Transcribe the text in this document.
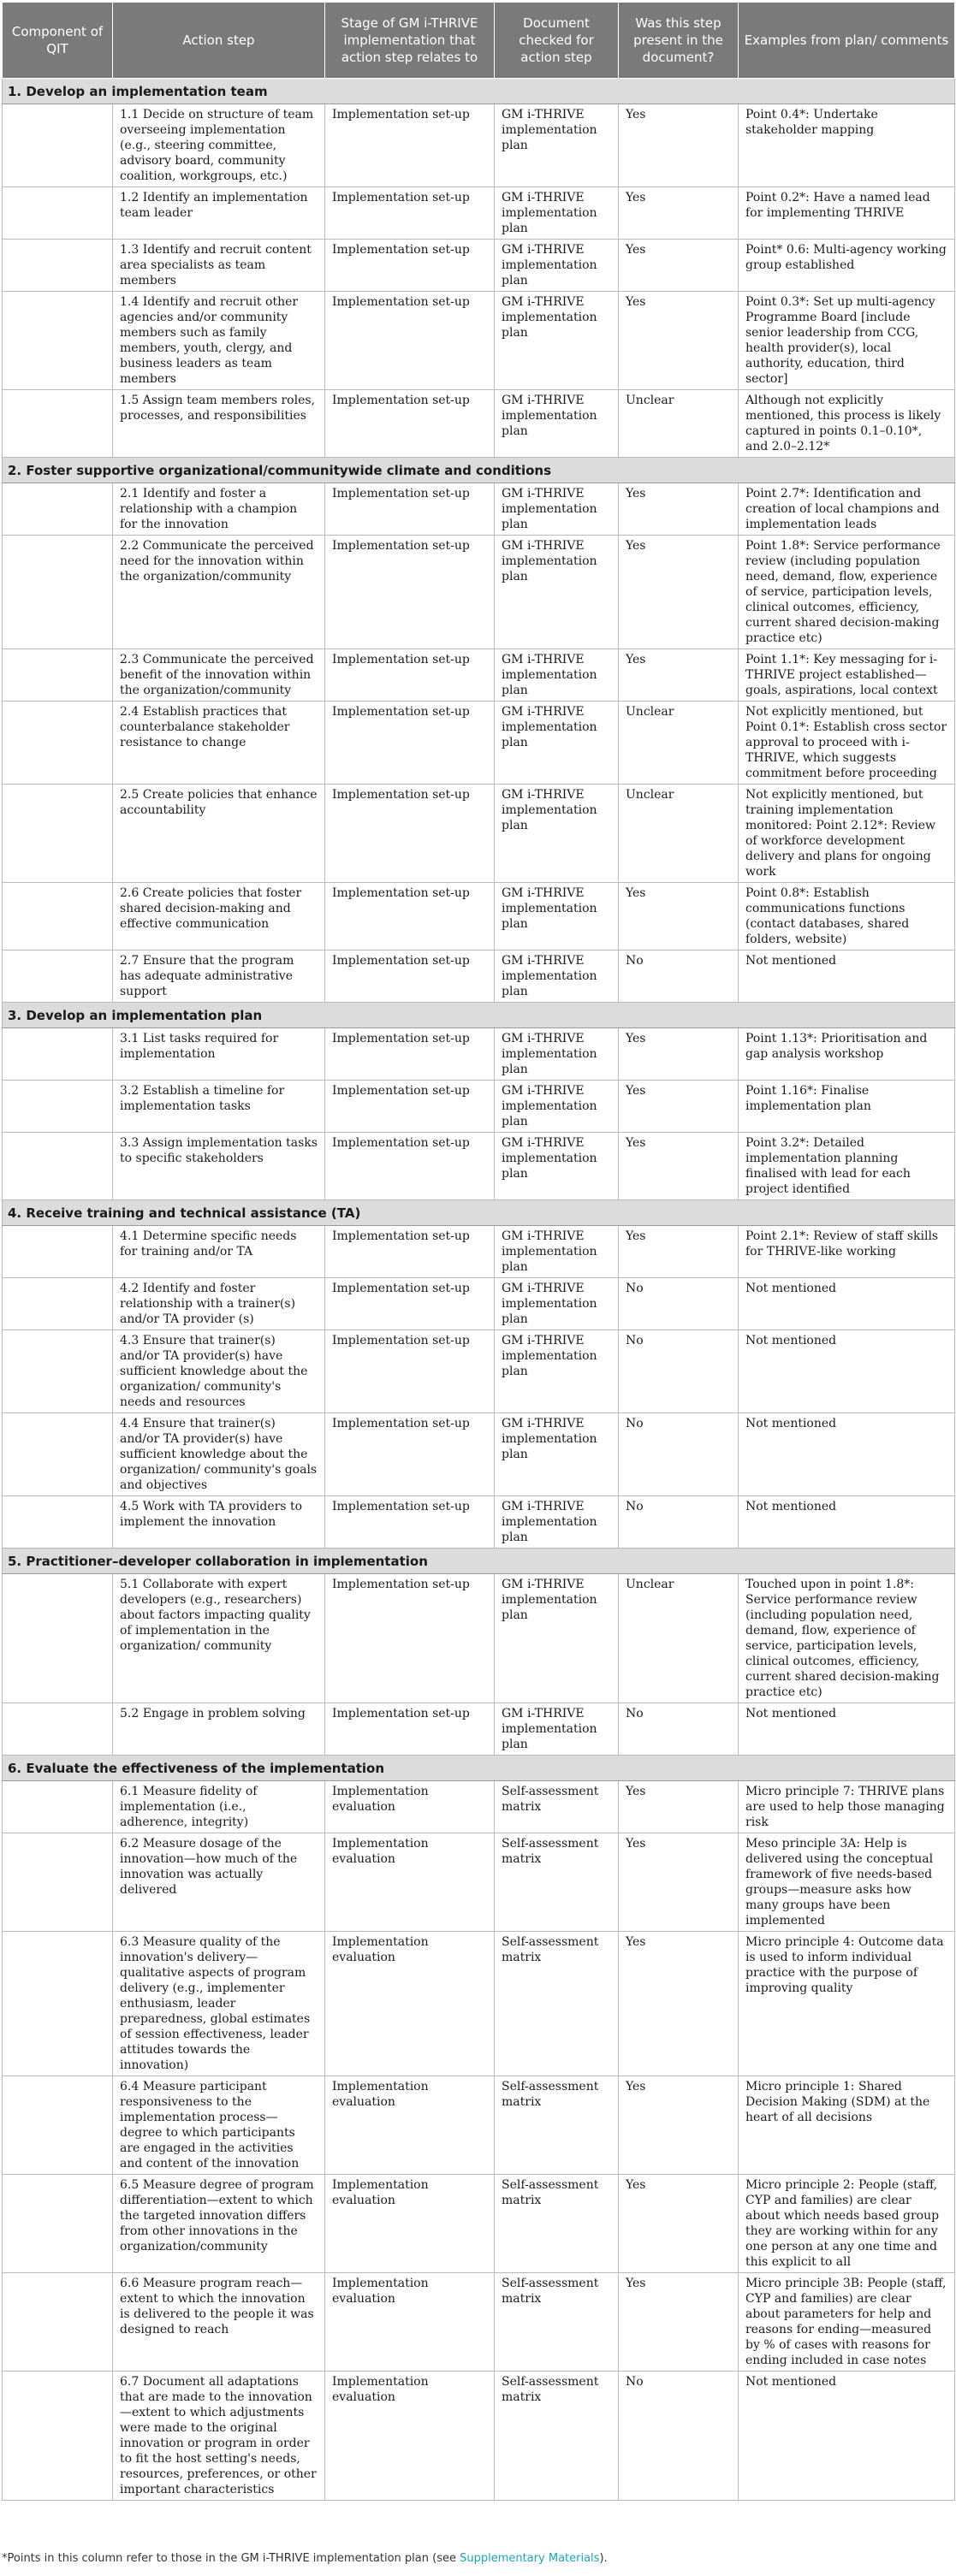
Component of QIT	Action step	Stage of GM i-THRIVE implementation that action step relates to	Document checked for action step	Was this step present in the document?	Examples from plan/ comments
1. Develop an implementation team					
	1.1 Decide on structure of team overseeing implementation (e.g., steering committee, advisory board, community coalition, workgroups, etc.)	Implementation set-up	GM i-THRIVE implementation plan	Yes	Point 0.4*: Undertake stakeholder mapping
	1.2 Identify an implementation team leader	Implementation set-up	GM i-THRIVE implementation plan	Yes	Point 0.2*: Have a named lead for implementing THRIVE
	1.3 Identify and recruit content area specialists as team members	Implementation set-up	GM i-THRIVE implementation plan	Yes	Point* 0.6: Multi-agency working group established
	1.4 Identify and recruit other agencies and/or community members such as family members, youth, clergy, and business leaders as team members	Implementation set-up	GM i-THRIVE implementation plan	Yes	Point 0.3*: Set up multi-agency Programme Board [include senior leadership from CCG, health provider(s), local authority, education, third sector]
	1.5 Assign team members roles, processes, and responsibilities	Implementation set-up	GM i-THRIVE implementation plan	Unclear	Although not explicitly mentioned, this process is likely captured in points 0.1–0.10*, and 2.0–2.12*
2. Foster supportive organizational/communitywide climate and conditions					
	2.1 Identify and foster a relationship with a champion for the innovation	Implementation set-up	GM i-THRIVE implementation plan	Yes	Point 2.7*: Identification and creation of local champions and implementation leads
	2.2 Communicate the perceived need for the innovation within the organization/community	Implementation set-up	GM i-THRIVE implementation plan	Yes	Point 1.8*: Service performance review (including population need, demand, flow, experience of service, participation levels, clinical outcomes, efficiency, current shared decision-making practice etc)
	2.3 Communicate the perceived benefit of the innovation within the organization/community	Implementation set-up	GM i-THRIVE implementation plan	Yes	Point 1.1*: Key messaging for i-THRIVE project established—goals, aspirations, local context
	2.4 Establish practices that counterbalance stakeholder resistance to change	Implementation set-up	GM i-THRIVE implementation plan	Unclear	Not explicitly mentioned, but Point 0.1*: Establish cross sector approval to proceed with i-THRIVE, which suggests commitment before proceeding
	2.5 Create policies that enhance accountability	Implementation set-up	GM i-THRIVE implementation plan	Unclear	Not explicitly mentioned, but training implementation monitored: Point 2.12*: Review of workforce development delivery and plans for ongoing work
	2.6 Create policies that foster shared decision-making and effective communication	Implementation set-up	GM i-THRIVE implementation plan	Yes	Point 0.8*: Establish communications functions (contact databases, shared folders, website)
	2.7 Ensure that the program has adequate administrative support	Implementation set-up	GM i-THRIVE implementation plan	No	Not mentioned
3. Develop an implementation plan					
	3.1 List tasks required for implementation	Implementation set-up	GM i-THRIVE implementation plan	Yes	Point 1.13*: Prioritisation and gap analysis workshop
	3.2 Establish a timeline for implementation tasks	Implementation set-up	GM i-THRIVE implementation plan	Yes	Point 1.16*: Finalise implementation plan
	3.3 Assign implementation tasks to specific stakeholders	Implementation set-up	GM i-THRIVE implementation plan	Yes	Point 3.2*: Detailed implementation planning finalised with lead for each project identified
4. Receive training and technical assistance (TA)					
	4.1 Determine specific needs for training and/or TA	Implementation set-up	GM i-THRIVE implementation plan	Yes	Point 2.1*: Review of staff skills for THRIVE-like working
	4.2 Identify and foster relationship with a trainer(s) and/or TA provider (s)	Implementation set-up	GM i-THRIVE implementation plan	No	Not mentioned
	4.3 Ensure that trainer(s) and/or TA provider(s) have sufficient knowledge about the organization/ community's needs and resources	Implementation set-up	GM i-THRIVE implementation plan	No	Not mentioned
	4.4 Ensure that trainer(s) and/or TA provider(s) have sufficient knowledge about the organization/ community's goals and objectives	Implementation set-up	GM i-THRIVE implementation plan	No	Not mentioned
	4.5 Work with TA providers to implement the innovation	Implementation set-up	GM i-THRIVE implementation plan	No	Not mentioned
5. Practitioner–developer collaboration in implementation					
	5.1 Collaborate with expert developers (e.g., researchers) about factors impacting quality of implementation in the organization/ community	Implementation set-up	GM i-THRIVE implementation plan	Unclear	Touched upon in point 1.8*: Service performance review (including population need, demand, flow, experience of service, participation levels, clinical outcomes, efficiency, current shared decision-making practice etc)
	5.2 Engage in problem solving	Implementation set-up	GM i-THRIVE implementation plan	No	Not mentioned
6. Evaluate the effectiveness of the implementation					
	6.1 Measure fidelity of implementation (i.e., adherence, integrity)	Implementation evaluation	Self-assessment matrix	Yes	Micro principle 7: THRIVE plans are used to help those managing risk
	6.2 Measure dosage of the innovation—how much of the innovation was actually delivered	Implementation evaluation	Self-assessment matrix	Yes	Meso principle 3A: Help is delivered using the conceptual framework of five needs-based groups—measure asks how many groups have been implemented
	6.3 Measure quality of the innovation's delivery—qualitative aspects of program delivery (e.g., implementer enthusiasm, leader preparedness, global estimates of session effectiveness, leader attitudes towards the innovation)	Implementation evaluation	Self-assessment matrix	Yes	Micro principle 4: Outcome data is used to inform individual practice with the purpose of improving quality
	6.4 Measure participant responsiveness to the implementation process—degree to which participants are engaged in the activities and content of the innovation	Implementation evaluation	Self-assessment matrix	Yes	Micro principle 1: Shared Decision Making (SDM) at the heart of all decisions
	6.5 Measure degree of program differentiation—extent to which the targeted innovation differs from other innovations in the organization/community	Implementation evaluation	Self-assessment matrix	Yes	Micro principle 2: People (staff, CYP and families) are clear about which needs based group they are working within for any one person at any one time and this explicit to all
	6.6 Measure program reach—extent to which the innovation is delivered to the people it was designed to reach	Implementation evaluation	Self-assessment matrix	Yes	Micro principle 3B: People (staff, CYP and families) are clear about parameters for help and reasons for ending—measured by % of cases with reasons for ending included in case notes
	6.7 Document all adaptations that are made to the innovation—extent to which adjustments were made to the original innovation or program in order to fit the host setting's needs, resources, preferences, or other important characteristics	Implementation evaluation	Self-assessment matrix	No	Not mentioned
*Points in this column refer to those in the GM i-THRIVE implementation plan (see Supplementary Materials).
